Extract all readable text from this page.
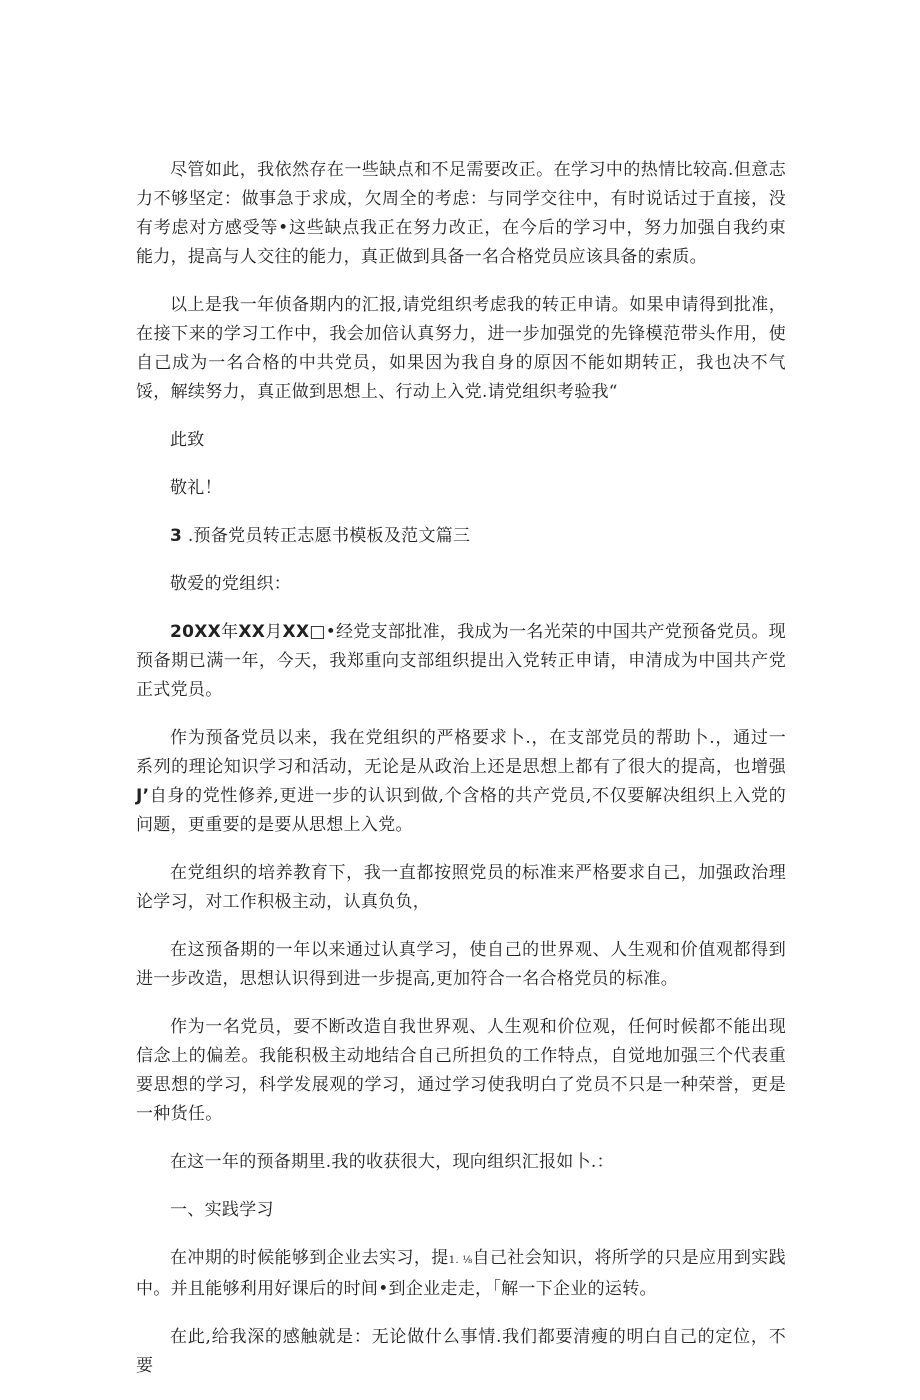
尽管如此，我依然存在一些缺点和不足需要改正。在学习中的热情比较高.但意志力不够坚定：做事急于求成，欠周全的考虑：与同学交往中，有时说话过于直接，没有考虑对方感受等•这些缺点我正在努力改正，在今后的学习中，努力加强自我约束能力，提高与人交往的能力，真正做到具备一名合格党员应该具备的索质。

以上是我一年侦备期内的汇报,请党组织考虑我的转正申请。如果申请得到批准，在接下来的学习工作中，我会加倍认真努力，进一步加强党的先锋模范带头作用，使自己成为一名合格的中共党员，如果因为我自身的原因不能如期转正，我也决不气馁，解续努力，真正做到思想上、行动上入党.请党组织考验我“

此致

敬礼！

3 .预备党员转正志愿书模板及范文篇三

敬爱的党组织：

20XX年XX月XX□•经党支部批准，我成为一名光荣的中国共产党预备党员。现预备期已满一年，今天，我郑重向支部组织提出入党转正申请，申清成为中国共产党正式党员。

作为预备党员以来，我在党组织的严格要求卜.，在支部党员的帮助卜.，通过一系列的理论知识学习和活动，无论是从政治上还是思想上都有了很大的提高，也增强J’自身的党性修养,更进一步的认识到做,个含格的共产党员,不仅要解决组织上入党的问题，更重要的是要从思想上入党。

在党组织的培养教育下，我一直都按照党员的标准来严格要求自己，加强政治理论学习，对工作积极主动，认真负负，

在这预备期的一年以来通过认真学习，使自己的世界观、人生观和价值观都得到进一步改造，思想认识得到进一步提高,更加符合一名合格党员的标准。

作为一名党员，要不断改造自我世界观、人生观和价位观，任何时候都不能出现信念上的偏差。我能积极主动地结合自己所担负的工作特点，自觉地加强三个代表重要思想的学习，科学发展观的学习，通过学习使我明白了党员不只是一种荣誉，更是一种货任。

在这一年的预备期里.我的收获很大，现向组织汇报如卜.：

一、实践学习

在冲期的时候能够到企业去实习，提1. ⅛自己社会知识，将所学的只是应用到实践中。并且能够利用好课后的时间•到企业走走，「解一下企业的运转。

在此,给我深的感触就是：无论做什么事情.我们都要清瘦的明白自己的定位，不要
